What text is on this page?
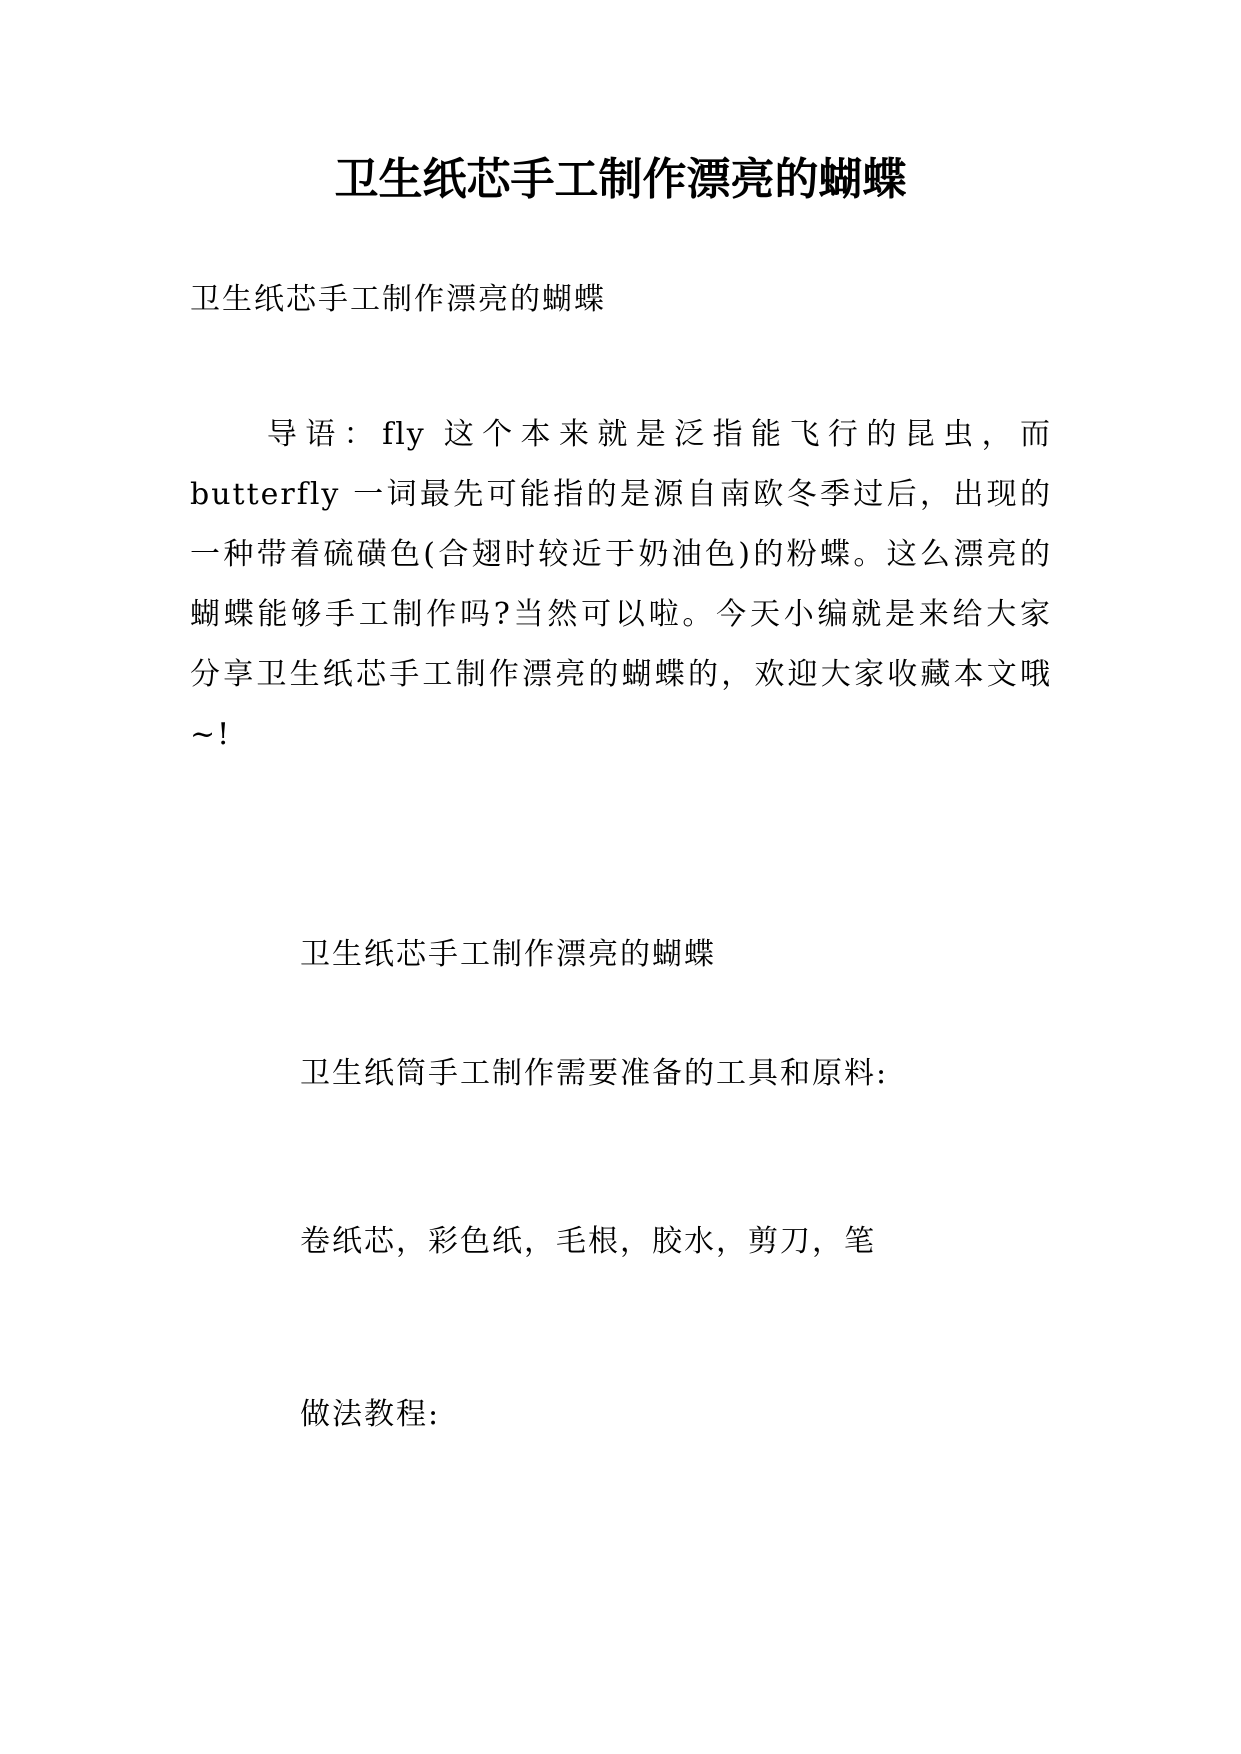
卫生纸芯手工制作漂亮的蝴蝶
卫生纸芯手工制作漂亮的蝴蝶
　　导语：fly 这个本来就是泛指能飞行的昆虫，而
butterfly 一词最先可能指的是源自南欧冬季过后，出现的
一种带着硫磺色(合翅时较近于奶油色)的粉蝶。这么漂亮的
蝴蝶能够手工制作吗?当然可以啦。今天小编就是来给大家
分享卫生纸芯手工制作漂亮的蝴蝶的，欢迎大家收藏本文哦
~!
卫生纸芯手工制作漂亮的蝴蝶
卫生纸筒手工制作需要准备的工具和原料:
卷纸芯，彩色纸，毛根，胶水，剪刀，笔
做法教程:
